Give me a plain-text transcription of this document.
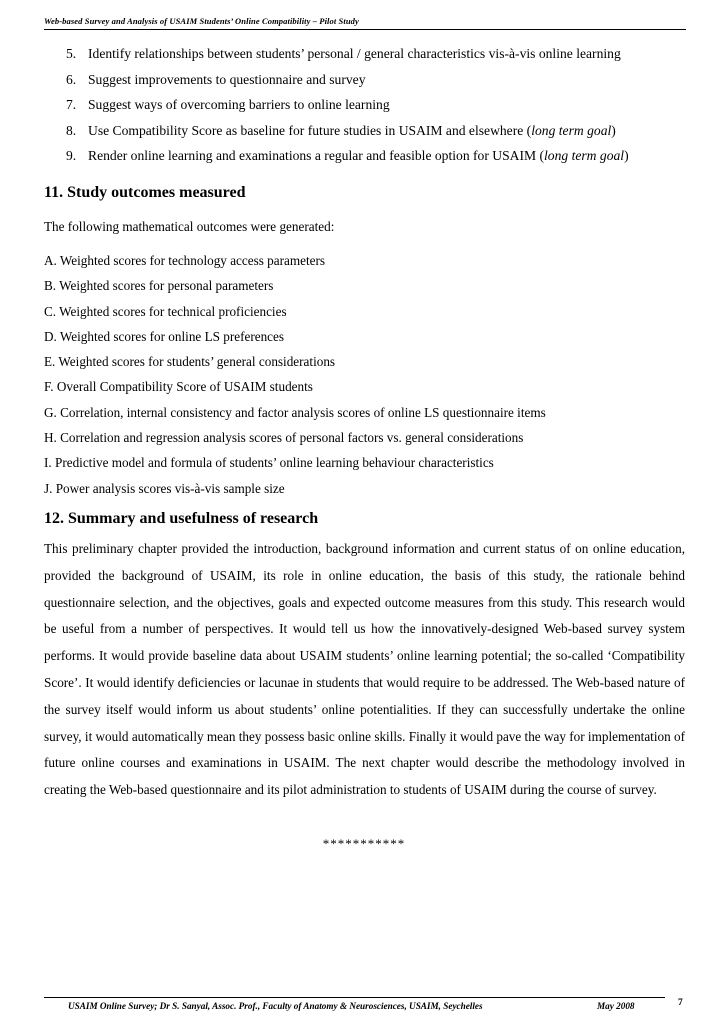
Web-based Survey and Analysis of USAIM Students’ Online Compatibility – Pilot Study
5. Identify relationships between students’ personal / general characteristics vis-à-vis online learning
6. Suggest improvements to questionnaire and survey
7. Suggest ways of overcoming barriers to online learning
8. Use Compatibility Score as baseline for future studies in USAIM and elsewhere (long term goal)
9. Render online learning and examinations a regular and feasible option for USAIM (long term goal)
11. Study outcomes measured
The following mathematical outcomes were generated:
A. Weighted scores for technology access parameters
B. Weighted scores for personal parameters
C. Weighted scores for technical proficiencies
D. Weighted scores for online LS preferences
E. Weighted scores for students’ general considerations
F. Overall Compatibility Score of USAIM students
G. Correlation, internal consistency and factor analysis scores of online LS questionnaire items
H. Correlation and regression analysis scores of personal factors vs. general considerations
I. Predictive model and formula of students’ online learning behaviour characteristics
J. Power analysis scores vis-à-vis sample size
12. Summary and usefulness of research

This preliminary chapter provided the introduction, background information and current status of on online education, provided the background of USAIM, its role in online education, the basis of this study, the rationale behind questionnaire selection, and the objectives, goals and expected outcome measures from this study. This research would be useful from a number of perspectives. It would tell us how the innovatively-designed Web-based survey system performs. It would provide baseline data about USAIM students’ online learning potential; the so-called ‘Compatibility Score’. It would identify deficiencies or lacunae in students that would require to be addressed. The Web-based nature of the survey itself would inform us about students’ online potentialities. If they can successfully undertake the online survey, it would automatically mean they possess basic online skills. Finally it would pave the way for implementation of future online courses and examinations in USAIM. The next chapter would describe the methodology involved in creating the Web-based questionnaire and its pilot administration to students of USAIM during the course of survey.

***********
USAIM Online Survey; Dr S. Sanyal, Assoc. Prof., Faculty of Anatomy & Neurosciences, USAIM, Seychelles	May 2008	7
